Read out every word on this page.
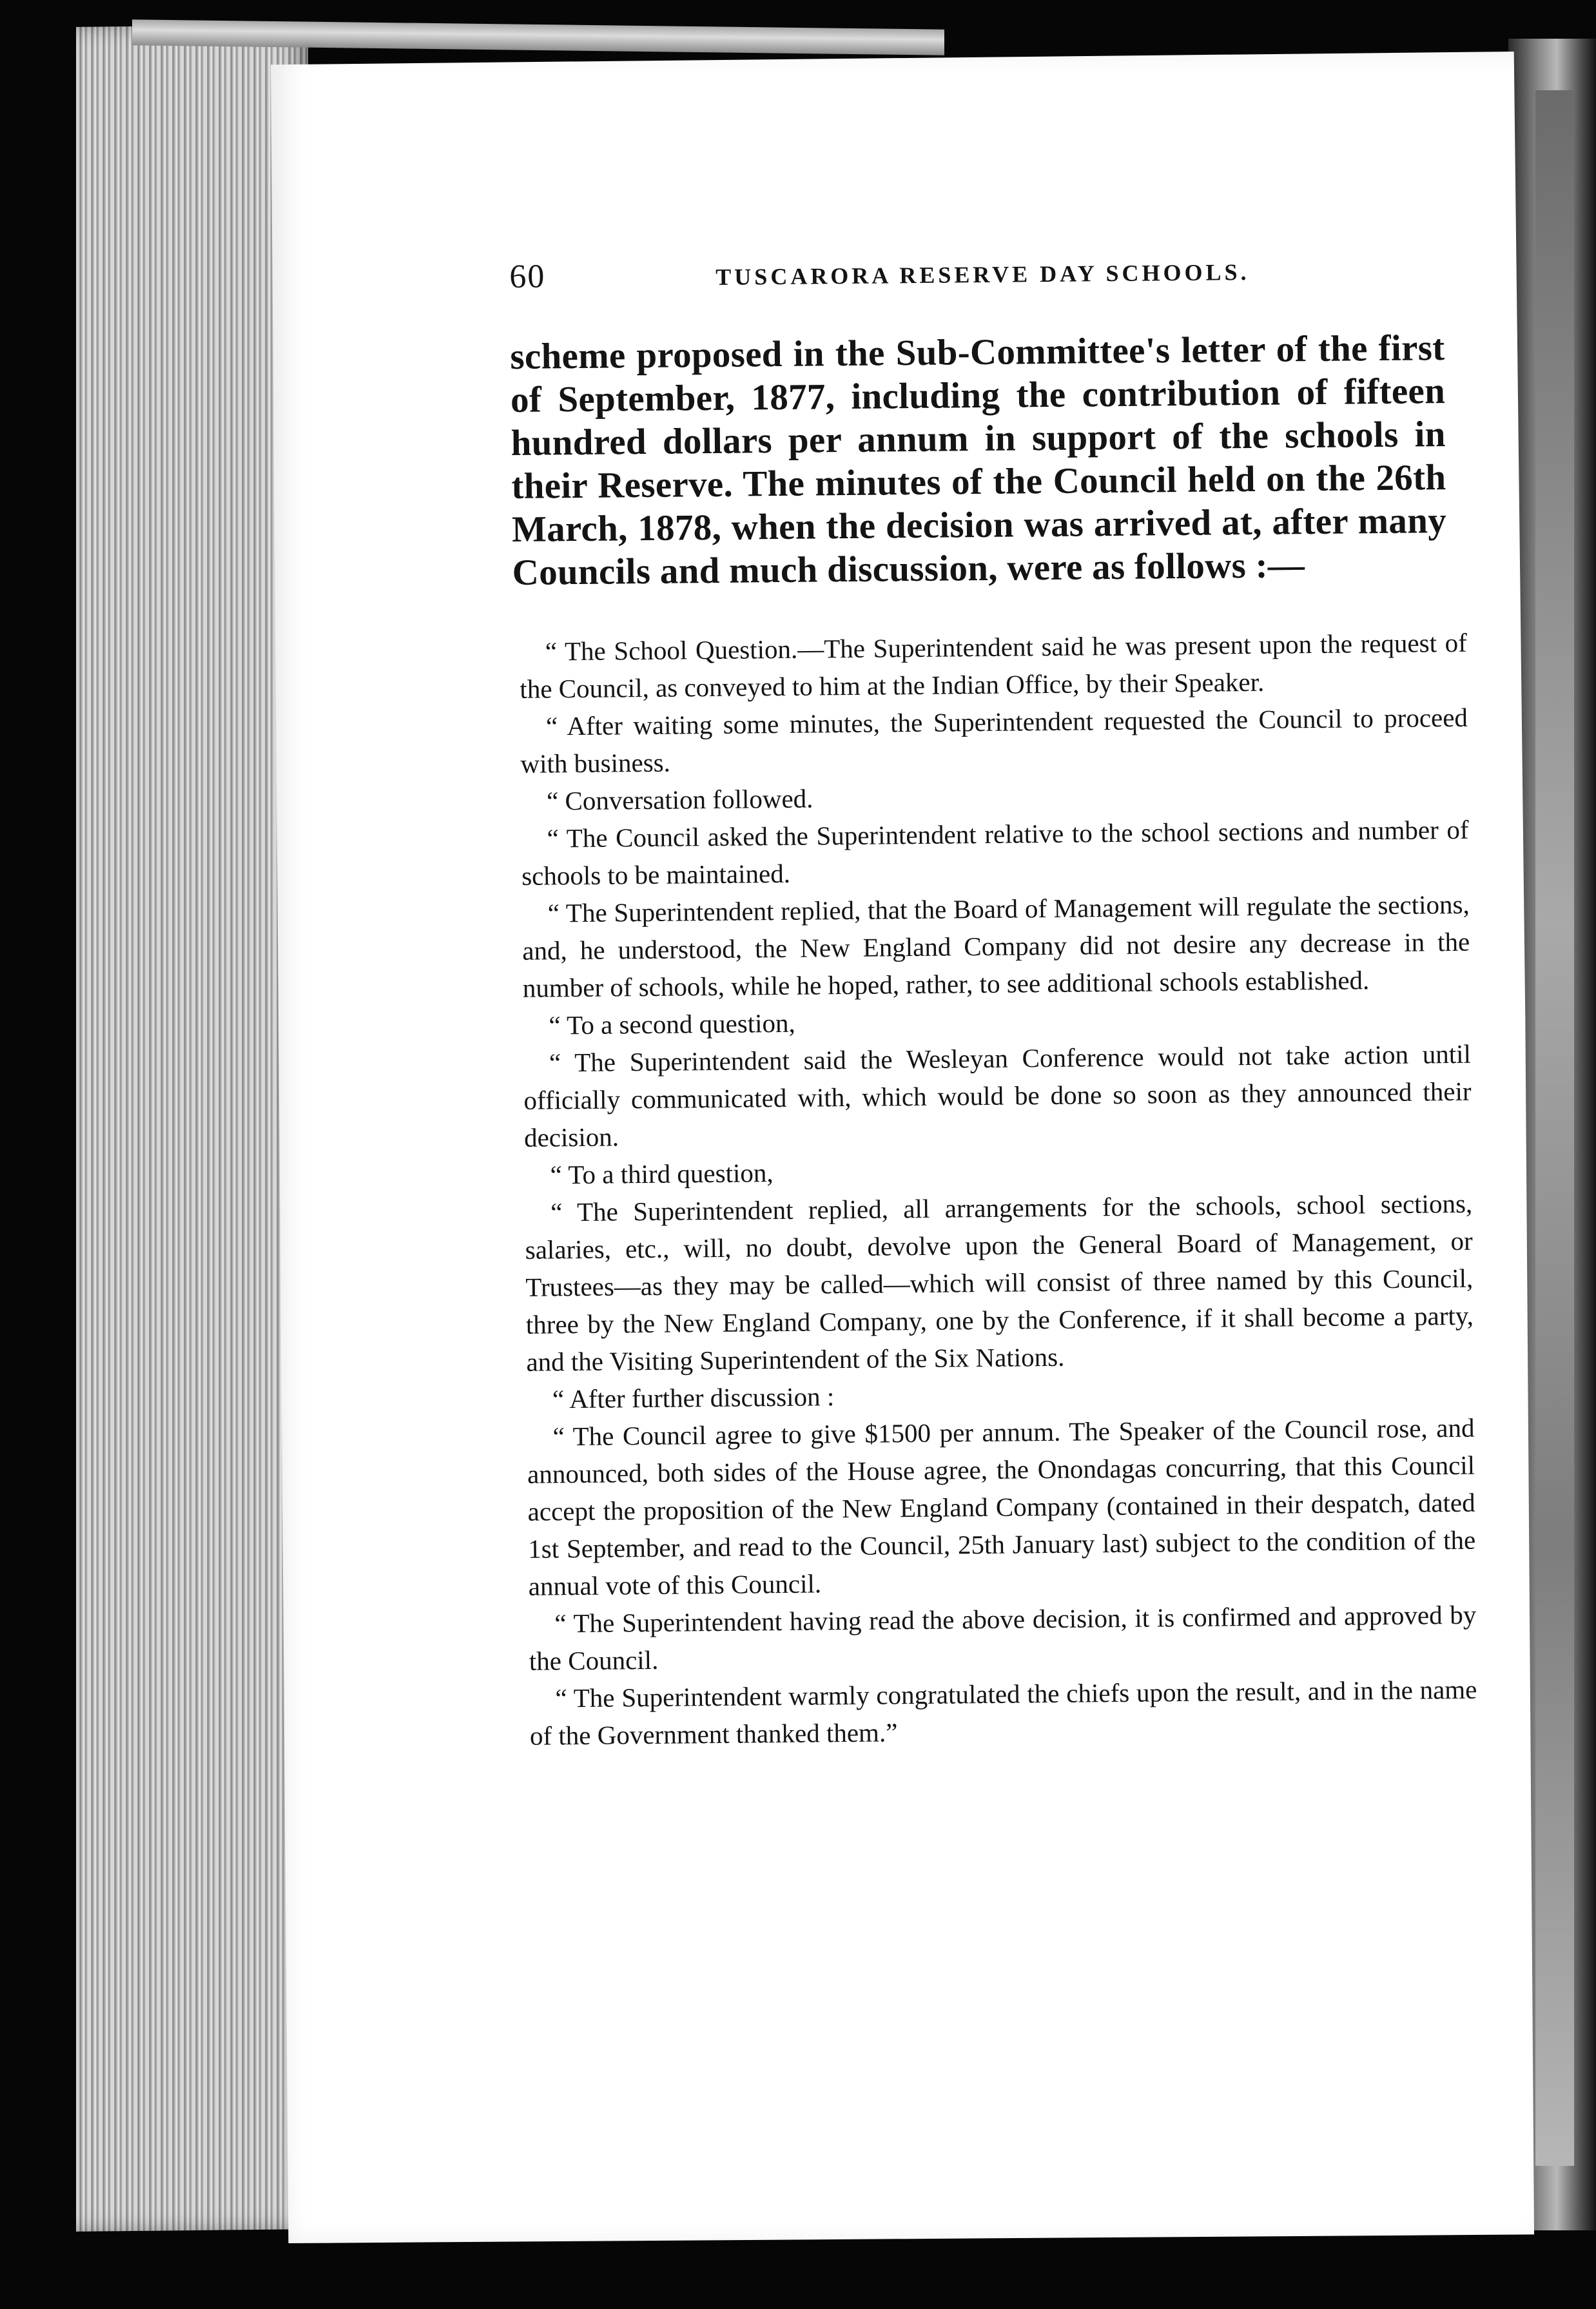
60	TUSCARORA RESERVE DAY SCHOOLS.

scheme proposed in the Sub-Committee's letter of the first of September, 1877, including the contribution of fifteen hundred dollars per annum in support of the schools in their Reserve. The minutes of the Council held on the 26th March, 1878, when the decision was arrived at, after many Councils and much discussion, were as follows :—

“ The School Question.—The Superintendent said he was present upon the request of the Council, as conveyed to him at the Indian Office, by their Speaker.

“ After waiting some minutes, the Superintendent requested the Council to proceed with business.

“ Conversation followed.

“ The Council asked the Superintendent relative to the school sections and number of schools to be maintained.

“ The Superintendent replied, that the Board of Management will regulate the sections, and, he understood, the New England Company did not desire any decrease in the number of schools, while he hoped, rather, to see additional schools established.

“ To a second question,

“ The Superintendent said the Wesleyan Conference would not take action until officially communicated with, which would be done so soon as they announced their decision.

“ To a third question,

“ The Superintendent replied, all arrangements for the schools, school sections, salaries, etc., will, no doubt, devolve upon the General Board of Management, or Trustees—as they may be called—which will consist of three named by this Council, three by the New England Company, one by the Conference, if it shall become a party, and the Visiting Superintendent of the Six Nations.

“ After further discussion :

“ The Council agree to give $1500 per annum. The Speaker of the Council rose, and announced, both sides of the House agree, the Onondagas concurring, that this Council accept the proposition of the New England Company (contained in their despatch, dated 1st September, and read to the Council, 25th January last) subject to the condition of the annual vote of this Council.

“ The Superintendent having read the above decision, it is confirmed and approved by the Council.

“ The Superintendent warmly congratulated the chiefs upon the result, and in the name of the Government thanked them.”
